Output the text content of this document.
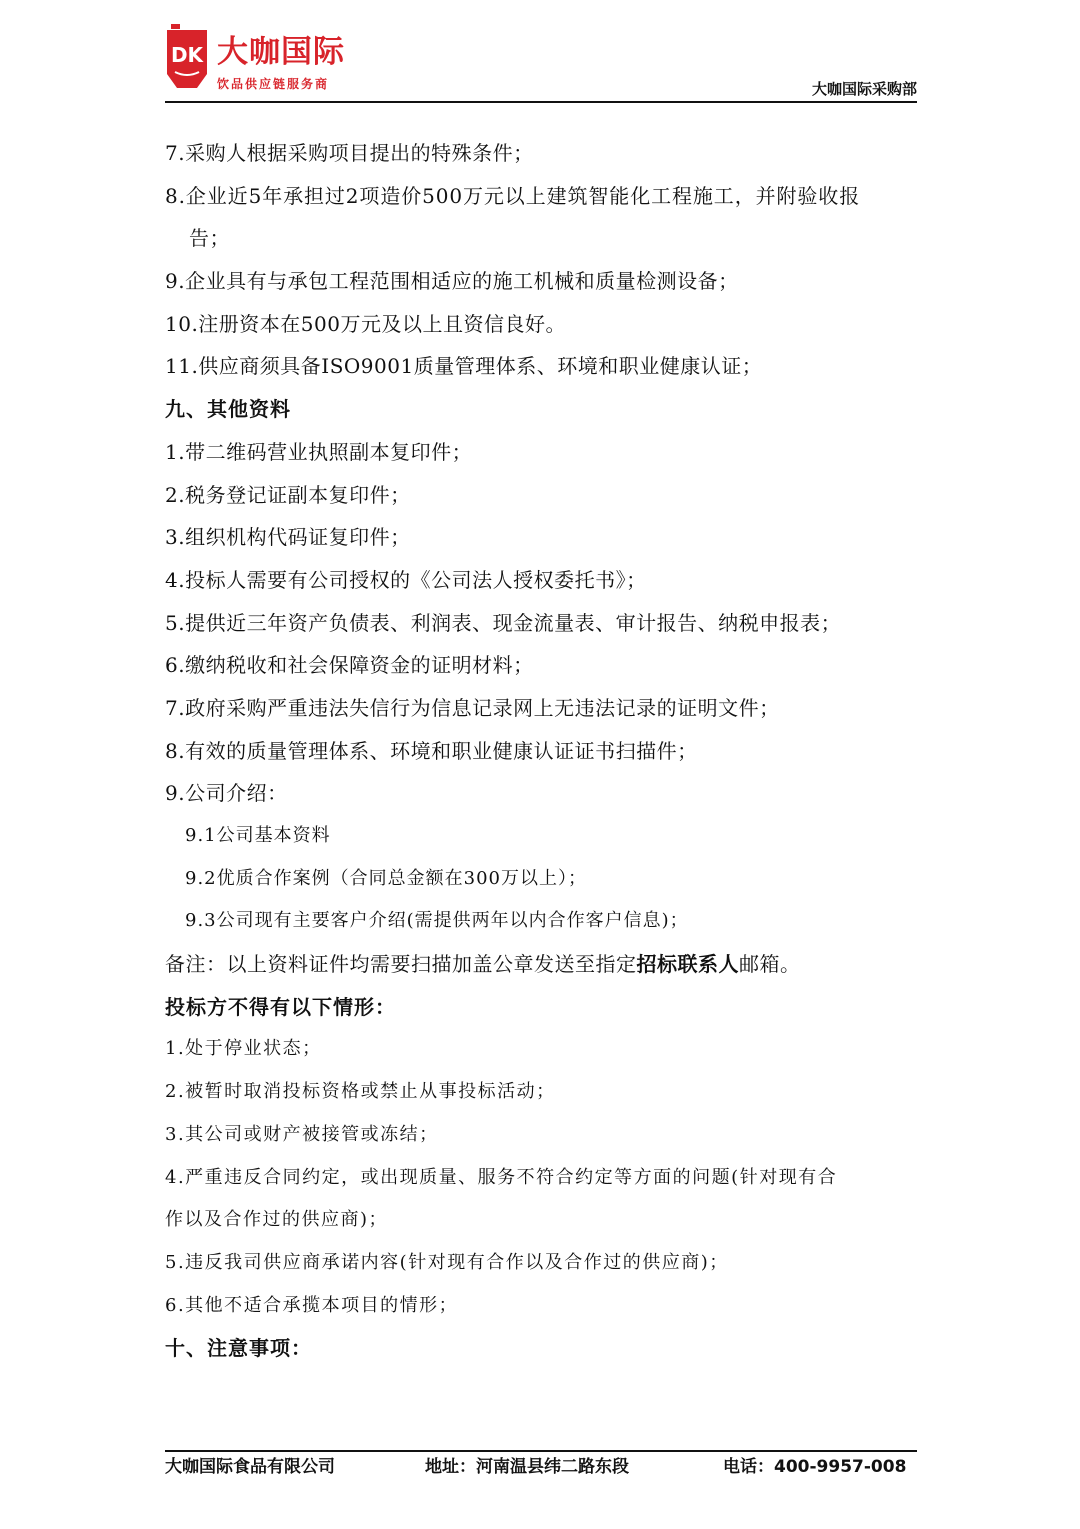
DK 大咖国际
饮品供应链服务商	大咖国际采购部
7.采购人根据采购项目提出的特殊条件；
8.企业近5年承担过2项造价500万元以上建筑智能化工程施工，并附验收报
告；
9.企业具有与承包工程范围相适应的施工机械和质量检测设备；
10.注册资本在500万元及以上且资信良好。
11.供应商须具备ISO9001质量管理体系、环境和职业健康认证；
九、其他资料
1.带二维码营业执照副本复印件；
2.税务登记证副本复印件；
3.组织机构代码证复印件；
4.投标人需要有公司授权的《公司法人授权委托书》；
5.提供近三年资产负债表、利润表、现金流量表、审计报告、纳税申报表；
6.缴纳税收和社会保障资金的证明材料；
7.政府采购严重违法失信行为信息记录网上无违法记录的证明文件；
8.有效的质量管理体系、环境和职业健康认证证书扫描件；
9.公司介绍：
9.1公司基本资料
9.2优质合作案例（合同总金额在300万以上）；
9.3公司现有主要客户介绍(需提供两年以内合作客户信息)；
备注：以上资料证件均需要扫描加盖公章发送至指定招标联系人邮箱。
投标方不得有以下情形：
1.处于停业状态；
2.被暂时取消投标资格或禁止从事投标活动；
3.其公司或财产被接管或冻结；
4.严重违反合同约定，或出现质量、服务不符合约定等方面的问题(针对现有合
作以及合作过的供应商)；
5.违反我司供应商承诺内容(针对现有合作以及合作过的供应商)；
6.其他不适合承揽本项目的情形；
十、注意事项：
大咖国际食品有限公司	地址：河南温县纬二路东段	电话：400-9957-008
